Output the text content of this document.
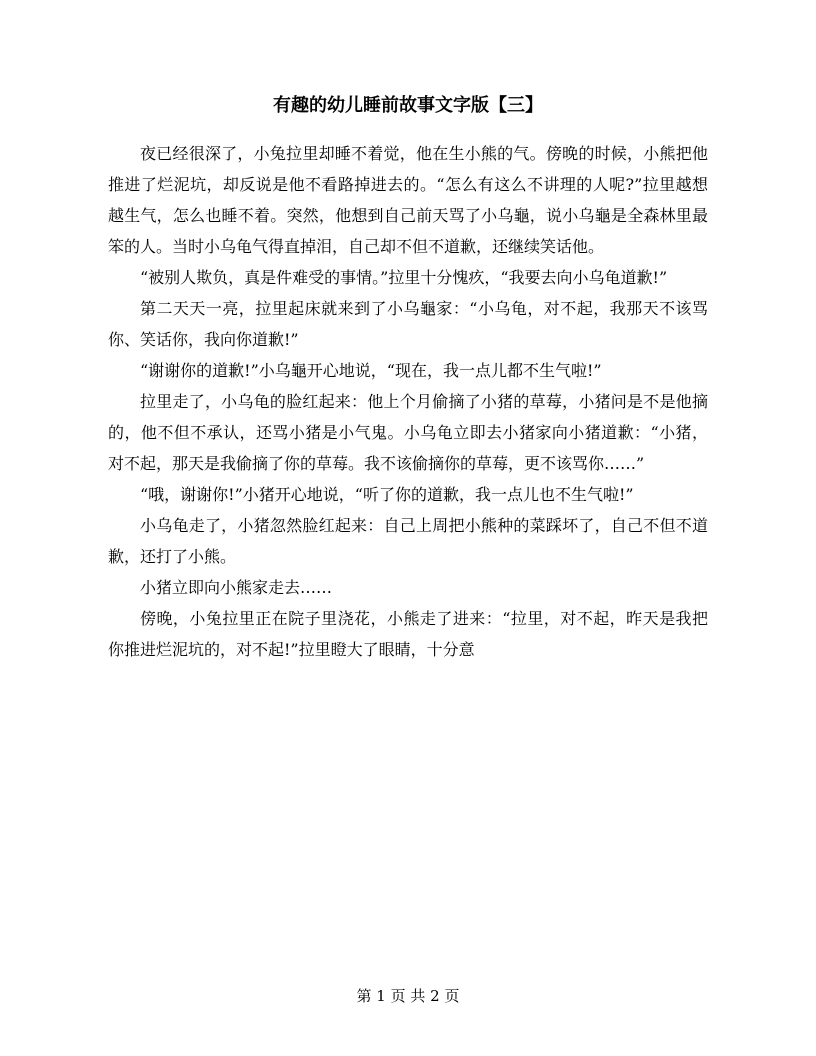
有趣的幼儿睡前故事文字版【三】

夜已经很深了，小兔拉里却睡不着觉，他在生小熊的气。傍晚的时候，小熊把他推进了烂泥坑，却反说是他不看路掉进去的。“怎么有这么不讲理的人呢?”拉里越想越生气，怎么也睡不着。突然，他想到自己前天骂了小乌龜，说小乌龜是全森林里最笨的人。当时小乌龟气得直掉泪，自己却不但不道歉，还继续笑话他。

“被别人欺负，真是件难受的事情。”拉里十分愧疚，“我要去向小乌龟道歉!”

第二天天一亮，拉里起床就来到了小乌龜家：“小乌龟，对不起，我那天不该骂你、笑话你，我向你道歉!”

“谢谢你的道歉!”小乌龜开心地说，“现在，我一点儿都不生气啦!”

拉里走了，小乌龟的脸红起来：他上个月偷摘了小猪的草莓，小猪问是不是他摘的，他不但不承认，还骂小猪是小气鬼。小乌龟立即去小猪家向小猪道歉：“小猪，对不起，那天是我偷摘了你的草莓。我不该偷摘你的草莓，更不该骂你……”

“哦，谢谢你!”小猪开心地说，“听了你的道歉，我一点儿也不生气啦!”

小乌龟走了，小猪忽然脸红起来：自己上周把小熊种的菜踩坏了，自己不但不道歉，还打了小熊。

小猪立即向小熊家走去……

傍晚，小兔拉里正在院子里浇花，小熊走了进来：“拉里，对不起，昨天是我把你推进烂泥坑的，对不起!”拉里瞪大了眼睛，十分意

第 1 页 共 2 页
